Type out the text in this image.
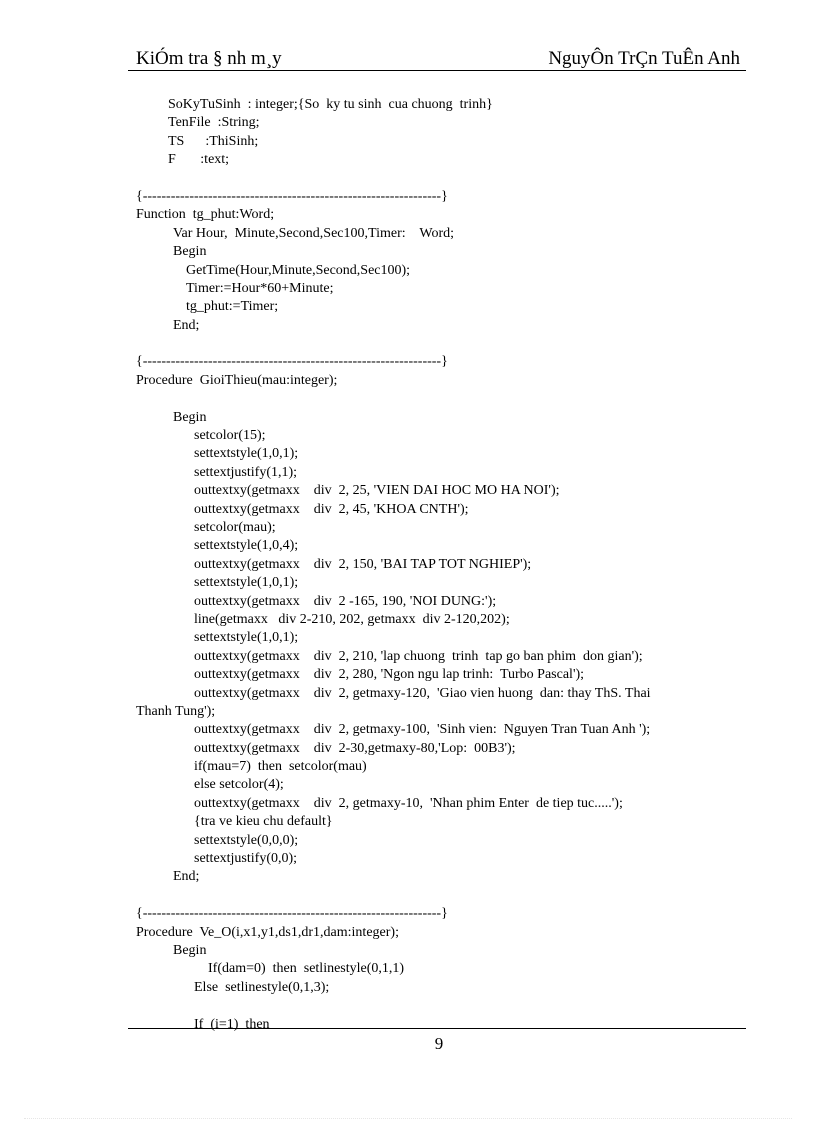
KiÓm tra § nh m¸y	NguyÔn TrÇn TuÊn Anh
SoKyTuSinh  : integer;{So  ky tu sinh  cua chuong  trinh}
TenFile  :String;
TS      :ThiSinh;
F       :text;
{----------------------------------------------------------------}
Function  tg_phut:Word;
Var Hour,  Minute,Second,Sec100,Timer:    Word;
Begin
GetTime(Hour,Minute,Second,Sec100);
Timer:=Hour*60+Minute;
tg_phut:=Timer;
End;
{----------------------------------------------------------------}
Procedure  GioiThieu(mau:integer);
Begin
setcolor(15);
settextstyle(1,0,1);
settextjustify(1,1);
outtextxy(getmaxx    div  2, 25, 'VIEN DAI HOC MO HA NOI');
outtextxy(getmaxx    div  2, 45, 'KHOA CNTH');
setcolor(mau);
settextstyle(1,0,4);
outtextxy(getmaxx    div  2, 150, 'BAI TAP TOT NGHIEP');
settextstyle(1,0,1);
outtextxy(getmaxx    div  2 -165, 190, 'NOI DUNG:');
line(getmaxx   div 2-210, 202, getmaxx  div 2-120,202);
settextstyle(1,0,1);
outtextxy(getmaxx    div  2, 210, 'lap chuong  trinh  tap go ban phim  don gian');
outtextxy(getmaxx    div  2, 280, 'Ngon ngu lap trinh:  Turbo Pascal');
outtextxy(getmaxx    div  2, getmaxy-120,  'Giao vien huong  dan: thay ThS. Thai
Thanh Tung');
outtextxy(getmaxx    div  2, getmaxy-100,  'Sinh vien:  Nguyen Tran Tuan Anh ');
outtextxy(getmaxx    div  2-30,getmaxy-80,'Lop:  00B3');
if(mau=7)  then  setcolor(mau)
else setcolor(4);
outtextxy(getmaxx    div  2, getmaxy-10,  'Nhan phim Enter  de tiep tuc.....');
{tra ve kieu chu default}
settextstyle(0,0,0);
settextjustify(0,0);
End;
{----------------------------------------------------------------}
Procedure  Ve_O(i,x1,y1,ds1,dr1,dam:integer);
Begin
If(dam=0)  then  setlinestyle(0,1,1)
Else  setlinestyle(0,1,3);
If  (i=1)  then
9
